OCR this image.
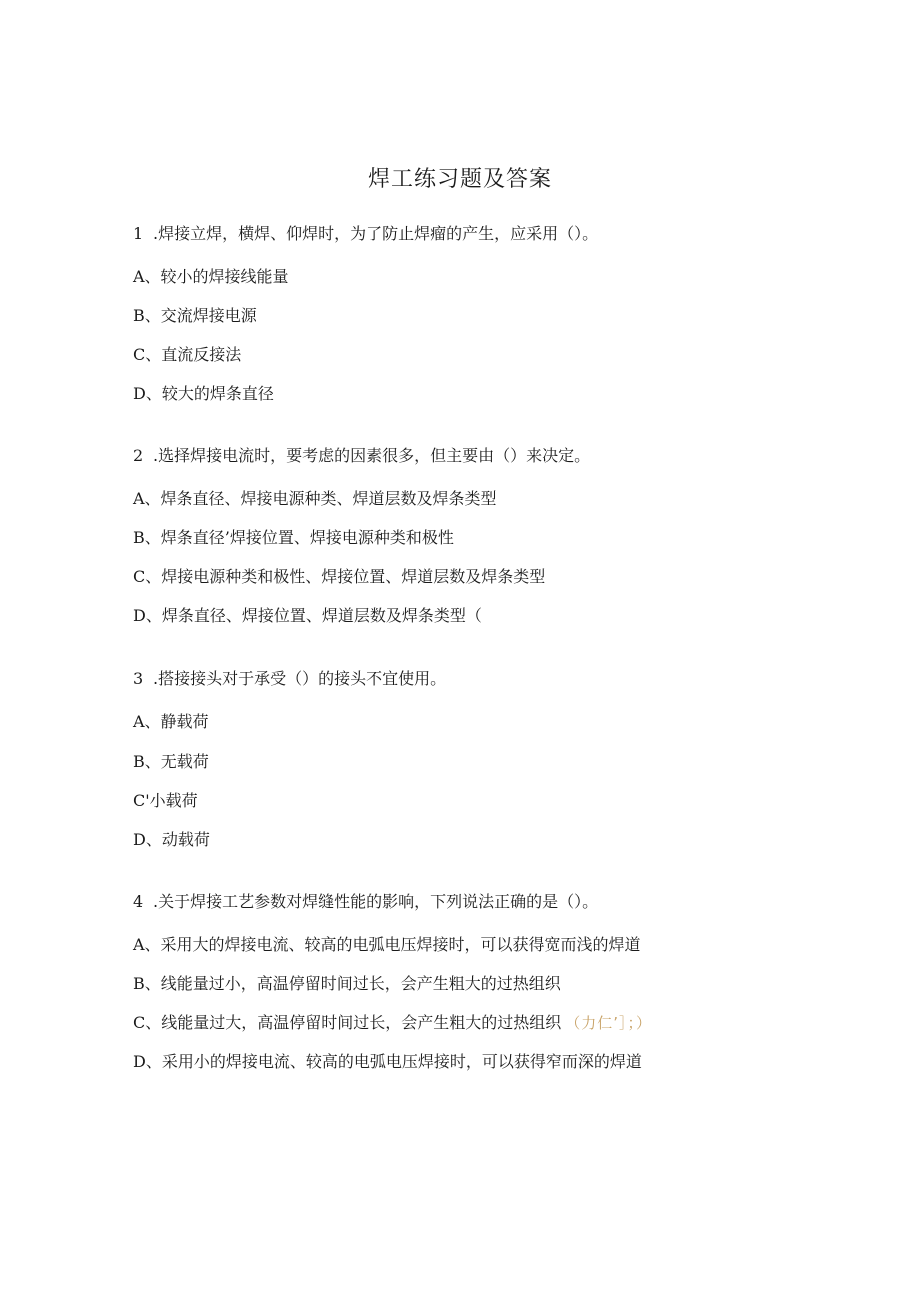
焊工练习题及答案

1 .焊接立焊，横焊、仰焊时，为了防止焊瘤的产生，应采用（）。

A、较小的焊接线能量

B、交流焊接电源

C、直流反接法

D、较大的焊条直径

2 .选择焊接电流时，要考虑的因素很多，但主要由（）来决定。

A、焊条直径、焊接电源种类、焊道层数及焊条类型

B、焊条直径’焊接位置、焊接电源种类和极性

C、焊接电源种类和极性、焊接位置、焊道层数及焊条类型

D、焊条直径、焊接位置、焊道层数及焊条类型（

3 .搭接接头对于承受（）的接头不宜使用。

A、静载荷

B、无载荷

C'小载荷

D、动载荷

4 .关于焊接工艺参数对焊缝性能的影响，下列说法正确的是（）。

A、采用大的焊接电流、较高的电弧电压焊接时，可以获得宽而浅的焊道

B、线能量过小，高温停留时间过长，会产生粗大的过热组织

C、线能量过大，高温停留时间过长，会产生粗大的过热组织 （力仁’］；）

D、采用小的焊接电流、较高的电弧电压焊接时，可以获得窄而深的焊道
